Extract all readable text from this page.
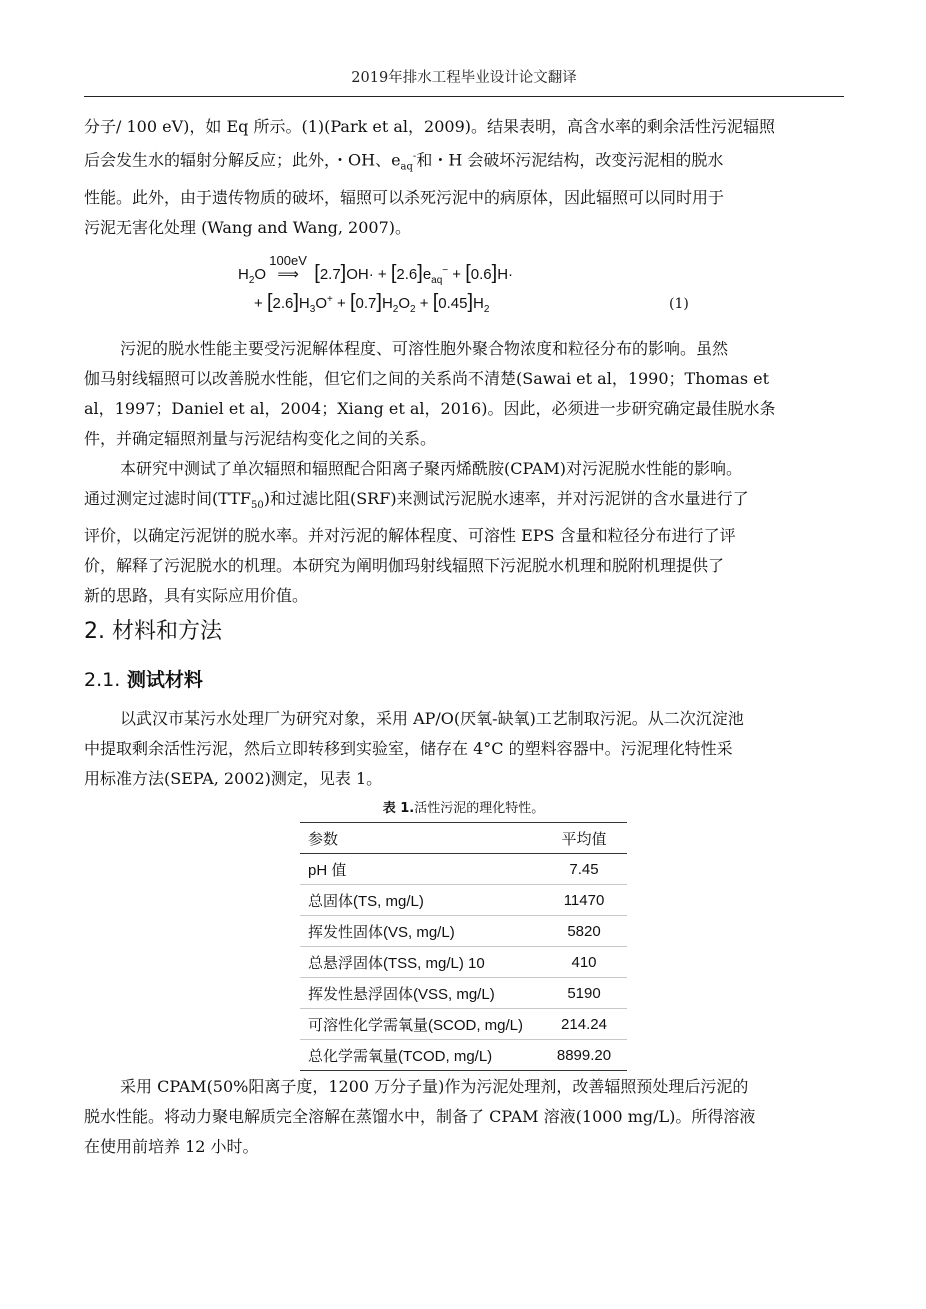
2019年排水工程毕业设计论文翻译
分子/ 100 eV)，如 Eq 所示。(1)(Park et al，2009)。结果表明，高含水率的剩余活性污泥辐照
后会发生水的辐射分解反应；此外，・OH、$e_{aq}^-$和・H 会破坏污泥结构，改变污泥相的脱水
性能。此外，由于遗传物质的破坏，辐照可以杀死污泥中的病原体，因此辐照可以同时用于
污泥无害化处理 (Wang and Wang, 2007)。
$H_2O$
100eV
⟹ $[2.7]OH\cdot + [2.6]e_{aq}^- + [0.6]H\cdot$
+ $[2.6]H_3O^+ + [0.7]H_2O_2 + [0.45]H_2$	(1)
污泥的脱水性能主要受污泥解体程度、可溶性胞外聚合物浓度和粒径分布的影响。虽然
伽马射线辐照可以改善脱水性能，但它们之间的关系尚不清楚(Sawai et al，1990；Thomas et
al，1997；Daniel et al，2004；Xiang et al，2016)。因此，必须进一步研究确定最佳脱水条
件，并确定辐照剂量与污泥结构变化之间的关系。
本研究中测试了单次辐照和辐照配合阳离子聚丙烯酰胺(CPAM)对污泥脱水性能的影响。
通过测定过滤时间$(TTF_{50})$和过滤比阻(SRF)来测试污泥脱水速率，并对污泥饼的含水量进行了
评价，以确定污泥饼的脱水率。并对污泥的解体程度、可溶性 EPS 含量和粒径分布进行了评
价，解释了污泥脱水的机理。本研究为阐明伽玛射线辐照下污泥脱水机理和脱附机理提供了
新的思路，具有实际应用价值。
2. 材料和方法
2.1. 测试材料
以武汉市某污水处理厂为研究对象，采用 AP/O(厌氧-缺氧)工艺制取污泥。从二次沉淀池
中提取剩余活性污泥，然后立即转移到实验室，储存在 4°C 的塑料容器中。污泥理化特性采
用标准方法(SEPA, 2002)测定，见表 1。
表 1.活性污泥的理化特性。
参数	平均值
pH 值	7.45
总固体(TS, mg/L)	11470
挥发性固体(VS, mg/L)	5820
总悬浮固体(TSS, mg/L) 10	410
挥发性悬浮固体(VSS, mg/L)	5190
可溶性化学需氧量(SCOD, mg/L)	214.24
总化学需氧量(TCOD, mg/L)	8899.20
采用 CPAM(50%阳离子度，1200 万分子量)作为污泥处理剂，改善辐照预处理后污泥的
脱水性能。将动力聚电解质完全溶解在蒸馏水中，制备了 CPAM 溶液(1000 mg/L)。所得溶液
在使用前培养 12 小时。
